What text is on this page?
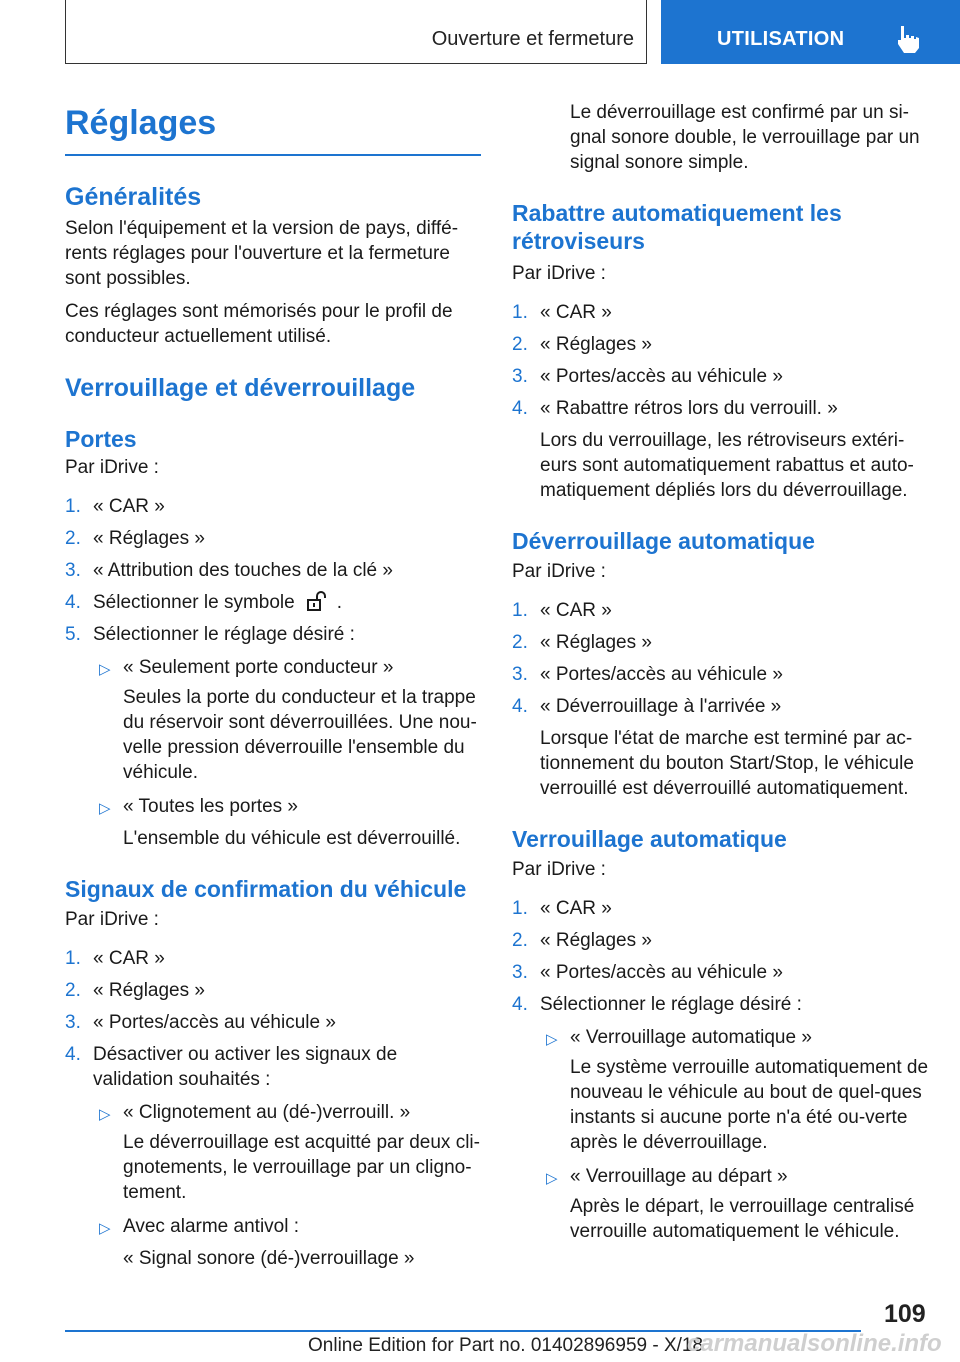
Ouverture et fermeture	UTILISATION
Réglages
Généralités

Selon l'équipement et la version de pays, diffé-rents réglages pour l'ouverture et la fermeture sont possibles.

Ces réglages sont mémorisés pour le profil de conducteur actuellement utilisé.

Verrouillage et déverrouillage
Portes

Par iDrive :

1. « CAR »
2. « Réglages »
3. « Attribution des touches de la clé »
4. Sélectionner le symbole .
5. Sélectionner le réglage désiré :
▷ « Seulement porte conducteur »
Seules la porte du conducteur et la trappe du réservoir sont déverrouillées. Une nou-velle pression déverrouille l'ensemble du véhicule.
▷ « Toutes les portes »
L'ensemble du véhicule est déverrouillé.
Signaux de confirmation du véhicule

Par iDrive :

1. « CAR »
2. « Réglages »
3. « Portes/accès au véhicule »
4. Désactiver ou activer les signaux de validation souhaités :
▷ « Clignotement au (dé-)verrouill. »
Le déverrouillage est acquitté par deux cli-gnotements, le verrouillage par un cligno-tement.
▷ Avec alarme antivol :
« Signal sonore (dé-)verrouillage »
Le déverrouillage est confirmé par un si-gnal sonore double, le verrouillage par un signal sonore simple.
Rabattre automatiquement les rétroviseurs

Par iDrive :

1. « CAR »
2. « Réglages »
3. « Portes/accès au véhicule »
4. « Rabattre rétros lors du verrouill. »
Lors du verrouillage, les rétroviseurs extéri-eurs sont automatiquement rabattus et auto-matiquement dépliés lors du déverrouillage.
Déverrouillage automatique

Par iDrive :

1. « CAR »
2. « Réglages »
3. « Portes/accès au véhicule »
4. « Déverrouillage à l'arrivée »
Lorsque l'état de marche est terminé par ac-tionnement du bouton Start/Stop, le véhicule verrouillé est déverrouillé automatiquement.
Verrouillage automatique

Par iDrive :

1. « CAR »
2. « Réglages »
3. « Portes/accès au véhicule »
4. Sélectionner le réglage désiré :
▷ « Verrouillage automatique »
Le système verrouille automatiquement de nouveau le véhicule au bout de quel-ques instants si aucune porte n'a été ou-verte après le déverrouillage.
▷ « Verrouillage au départ »
Après le départ, le verrouillage centralisé verrouille automatiquement le véhicule.
109
Online Edition for Part no. 01402896959 - X/18
carmanualsonline.info
